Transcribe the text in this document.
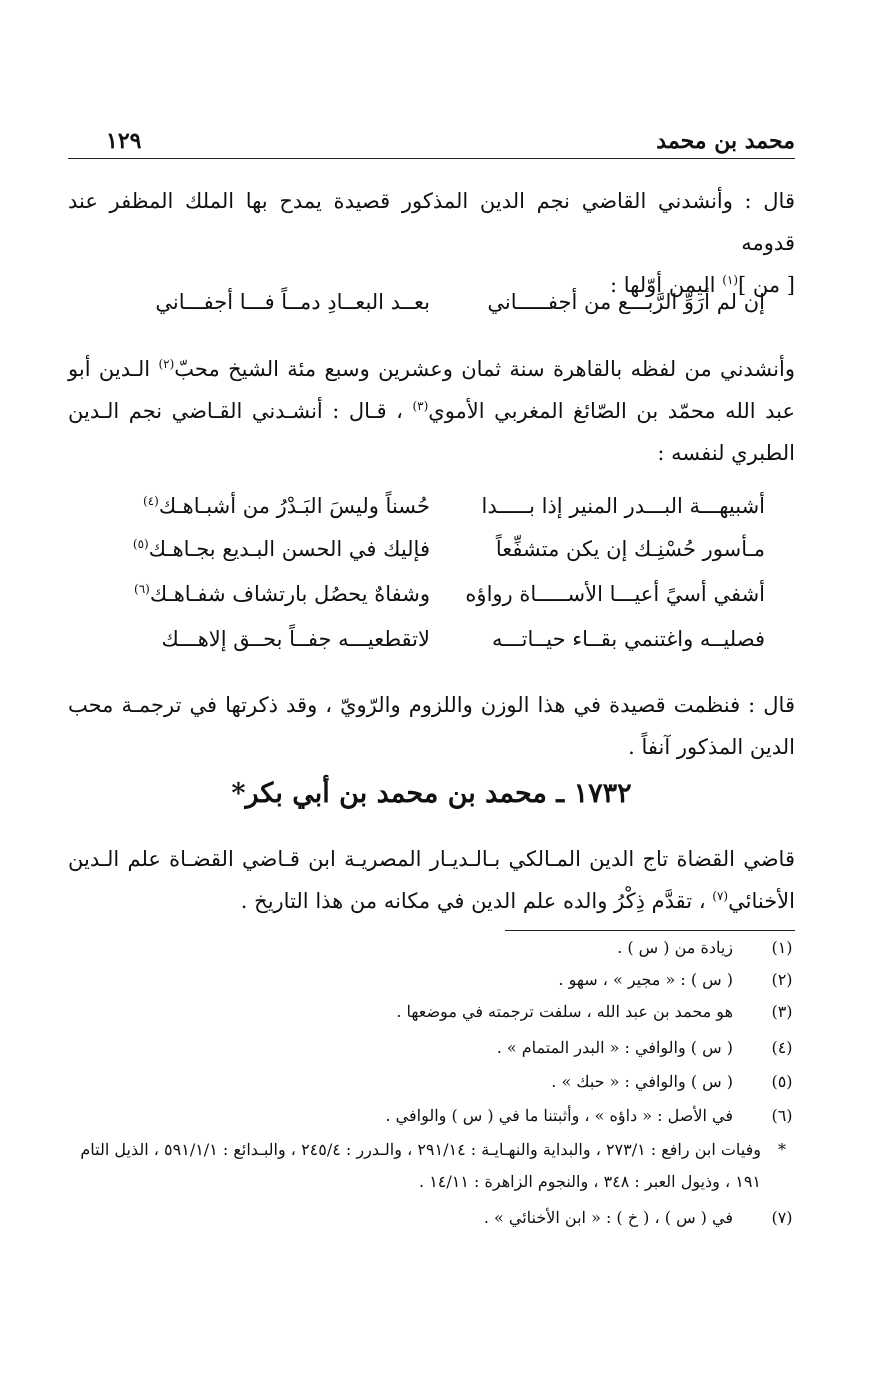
محمد بن محمد
١٢٩
قال : وأنشدني القاضي نجم الدين المذكور قصيدة يمدح بها الملك المظفر عند قدومه
[ من ]$^{(١)}$ اليمن أوّلها :
إن لم أرَوِّ الرَّبـــع من أجفـــــاني
بعــد البعــادِ دمــاً فـــا أجفـــاني
وأنشدني من لفظه بالقاهرة سنة ثمان وعشرين وسبع مئة الشيخ محبّ$^{(٢)}$ الـدين أبو عبد الله محمّد بن الصّائغ المغربي الأموي$^{(٣)}$ ، قـال : أنشـدني القـاضي نجم الـدين الطبري لنفسه :
أشبيهـــة البـــدر المنير إذا بـــــدا
حُسناً وليسَ البَـدْرُ من أشبـاهـك$^{(٤)}$
مـأسور حُسْنِـك إن يكن متشفِّعاً
فإليك في الحسن البـديع بجـاهـك$^{(٥)}$
أشفي أسيً أعيـــا الأســـــاة رواؤه
وشفاهٌ يحصُل بارتشاف شفـاهـك$^{(٦)}$
فصليــه واغتنمي بقــاء حيــاتـــه
لاتقطعيـــه جفــاً بحــق إلاهـــك
قال : فنظمت قصيدة في هذا الوزن واللزوم والرّويّ ، وقد ذكرتها في ترجمـة محب الدين المذكور آنفاً .
١٧٣٢ ـ محمد بن محمد بن أبي بكر*
قاضي القضاة تاج الدين المـالكي بـالـديـار المصريـة ابن قـاضي القضـاة علم الـدين الأخنائي$^{(٧)}$ ، تقدَّم ذِكْرُ والده علم الدين في مكانه من هذا التاريخ .
(١)
زيادة من ( س ) .
(٢)
( س ) : « مجير » ، سهو .
(٣)
هو محمد بن عبد الله ، سلفت ترجمته في موضعها .
(٤)
( س ) والوافي : « البدر المتمام » .
(٥)
( س ) والوافي : « حبك » .
(٦)
في الأصل : « داؤه » ، وأثبتنا ما في ( س ) والوافي .
*
وفيات ابن رافع : ٢٧٣/١ ، والبداية والنهـايـة : ٢٩١/١٤ ، والـدرر : ٢٤٥/٤ ، والبـدائع : ٥٩١/١/١ ، الذيل التام ١٩١ ، وذيول العبر : ٣٤٨ ، والنجوم الزاهرة : ١٤/١١ .
(٧)
في ( س ) ، ( خ ) : « ابن الأخنائي » .
